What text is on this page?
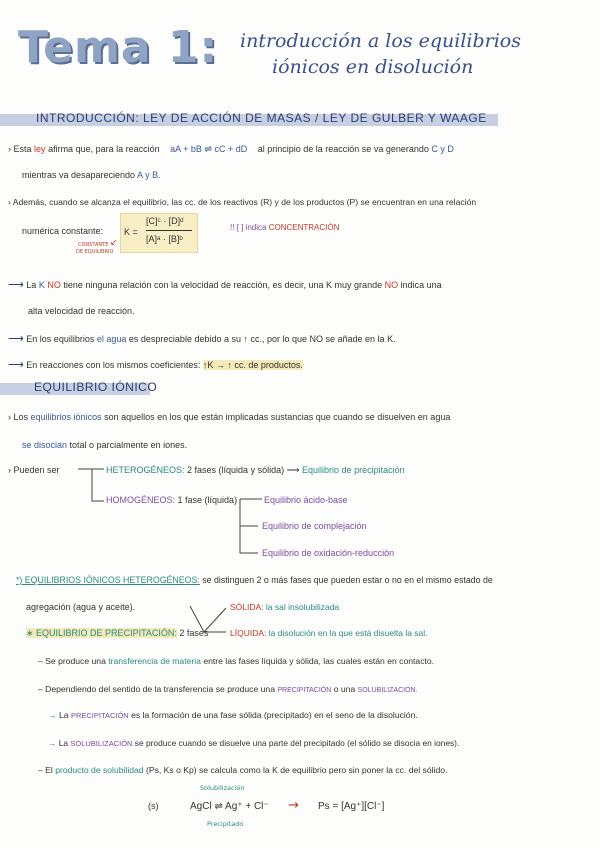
Tema 1: introducción a los equilibrios
iónicos en disolución
INTRODUCCIÓN: LEY DE ACCIÓN DE MASAS / LEY DE GULBER Y WAAGE
› Esta ley afirma que, para la reacción aA + bB ⇌ cC + dD al principio de la reacción se va generando C y D
mientras va desapareciendo A y B.
› Además, cuando se alcanza el equilibrio, las cc. de los reactivos (R) y de los productos (P) se encuentran en una relación
numérica constante: K =
[C]ᶜ · [D]ᵈ
[A]ᵃ · [B]ᵇ
↙
CONSTANTE
DE EQUILIBRIO
!! [ ] indica CONCENTRACIÓN
⟶ La K NO tiene ninguna relación con la velocidad de reacción, es decir, una K muy grande NO indica una
alta velocidad de reacción.
⟶ En los equilibrios el agua es despreciable debido a su ↑ cc., por lo que NO se añade en la K.
⟶ En reacciones con los mismos coeficientes: ↑K → ↑ cc. de productos.
EQUILIBRIO IÓNICO
› Los equilibrios iónicos son aquellos en los que están implicadas sustancias que cuando se disuelven en agua
se disocian total o parcialmente en iones.
› Pueden ser	HETEROGÉNEOS: 2 fases (líquida y sólida) ⟶ Equilibrio de precipitación
HOMOGÉNEOS: 1 fase (líquida)	Equilibrio ácido-base
Equilibrio de complejación
Equilibrio de oxidación-reducción
*) EQUILIBRIOS IÓNICOS HETEROGÉNEOS: se distinguen 2 o más fases que pueden estar o no en el mismo estado de
agregación (agua y aceite).	SÓLIDA: la sal insolubilizada
∗ EQUILIBRIO DE PRECIPITACIÓN: 2 fases	LÍQUIDA: la disolución en la que está disuelta la sal.
– Se produce una transferencia de materia entre las fases líquida y sólida, las cuales están en contacto.
– Dependiendo del sentido de la transferencia se produce una PRECIPITACIÓN o una SOLUBILIZACIÓN.
→ La PRECIPITACIÓN es la formación de una fase sólida (precipitado) en el seno de la disolución.
→ La SOLUBILIZACIÓN se produce cuando se disuelve una parte del precipitado (el sólido se disocia en iones).
– El producto de solubilidad (Ps, Ks o Kp) se calcula como la K de equilibrio pero sin poner la cc. del sólido.
Solubilización
(s)	AgCl ⇌ Ag⁺ + Cl⁻ → Ps = [Ag⁺][Cl⁻]
Precipitado
